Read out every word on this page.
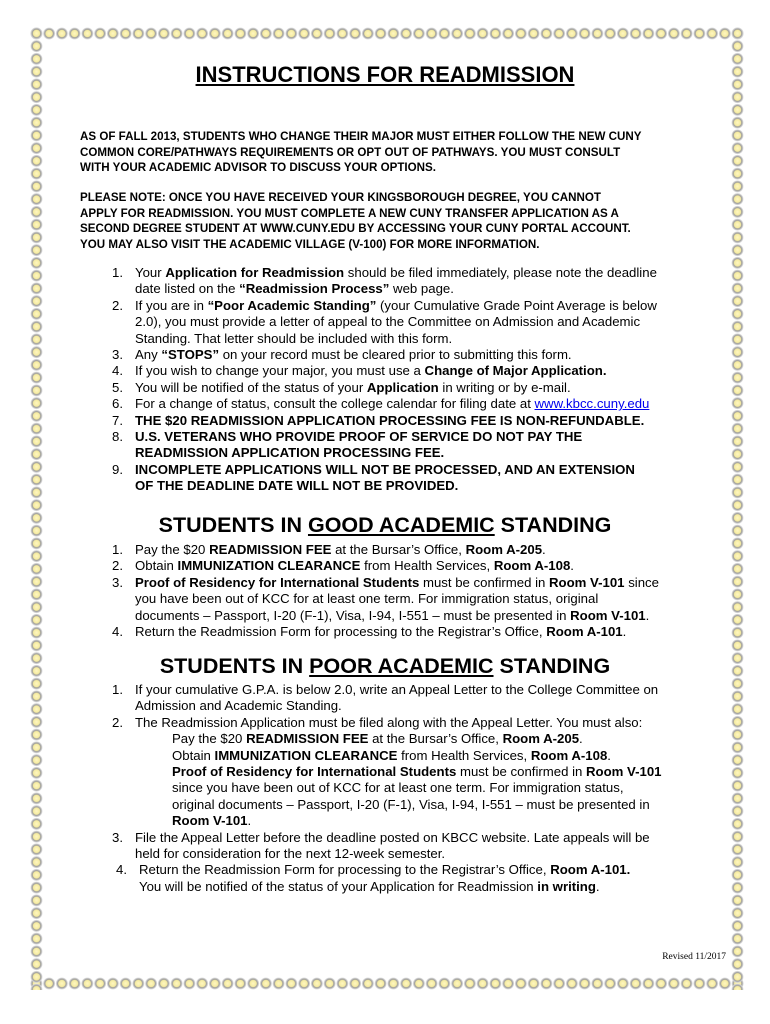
INSTRUCTIONS FOR READMISSION
AS OF FALL 2013, STUDENTS WHO CHANGE THEIR MAJOR MUST EITHER FOLLOW THE NEW CUNY
COMMON CORE/PATHWAYS REQUIREMENTS OR OPT OUT OF PATHWAYS. YOU MUST CONSULT
WITH YOUR ACADEMIC ADVISOR TO DISCUSS YOUR OPTIONS.
PLEASE NOTE: ONCE YOU HAVE RECEIVED YOUR KINGSBOROUGH DEGREE, YOU CANNOT
APPLY FOR READMISSION. YOU MUST COMPLETE A NEW CUNY TRANSFER APPLICATION AS A
SECOND DEGREE STUDENT AT WWW.CUNY.EDU BY ACCESSING YOUR CUNY PORTAL ACCOUNT.
YOU MAY ALSO VISIT THE ACADEMIC VILLAGE (V-100) FOR MORE INFORMATION.
1. Your Application for Readmission should be filed immediately, please note the deadline
date listed on the “Readmission Process” web page.
2. If you are in “Poor Academic Standing” (your Cumulative Grade Point Average is below
2.0), you must provide a letter of appeal to the Committee on Admission and Academic
Standing. That letter should be included with this form.
3. Any “STOPS” on your record must be cleared prior to submitting this form.
4. If you wish to change your major, you must use a Change of Major Application.
5. You will be notified of the status of your Application in writing or by e-mail.
6. For a change of status, consult the college calendar for filing date at www.kbcc.cuny.edu
7. THE $20 READMISSION APPLICATION PROCESSING FEE IS NON-REFUNDABLE.
8. U.S. VETERANS WHO PROVIDE PROOF OF SERVICE DO NOT PAY THE
READMISSION APPLICATION PROCESSING FEE.
9. INCOMPLETE APPLICATIONS WILL NOT BE PROCESSED, AND AN EXTENSION
OF THE DEADLINE DATE WILL NOT BE PROVIDED.
STUDENTS IN GOOD ACADEMIC STANDING
1. Pay the $20 READMISSION FEE at the Bursar’s Office, Room A-205.
2. Obtain IMMUNIZATION CLEARANCE from Health Services, Room A-108.
3. Proof of Residency for International Students must be confirmed in Room V-101 since
you have been out of KCC for at least one term. For immigration status, original
documents – Passport, I-20 (F-1), Visa, I-94, I-551 – must be presented in Room V-101.
4. Return the Readmission Form for processing to the Registrar’s Office, Room A-101.
STUDENTS IN POOR ACADEMIC STANDING
1. If your cumulative G.P.A. is below 2.0, write an Appeal Letter to the College Committee on
Admission and Academic Standing.
2. The Readmission Application must be filed along with the Appeal Letter. You must also:
Pay the $20 READMISSION FEE at the Bursar’s Office, Room A-205.
Obtain IMMUNIZATION CLEARANCE from Health Services, Room A-108.
Proof of Residency for International Students must be confirmed in Room V-101
since you have been out of KCC for at least one term. For immigration status,
original documents – Passport, I-20 (F-1), Visa, I-94, I-551 – must be presented in
Room V-101.
3. File the Appeal Letter before the deadline posted on KBCC website. Late appeals will be
held for consideration for the next 12-week semester.
4. Return the Readmission Form for processing to the Registrar’s Office, Room A-101.
You will be notified of the status of your Application for Readmission in writing.
Revised 11/2017
